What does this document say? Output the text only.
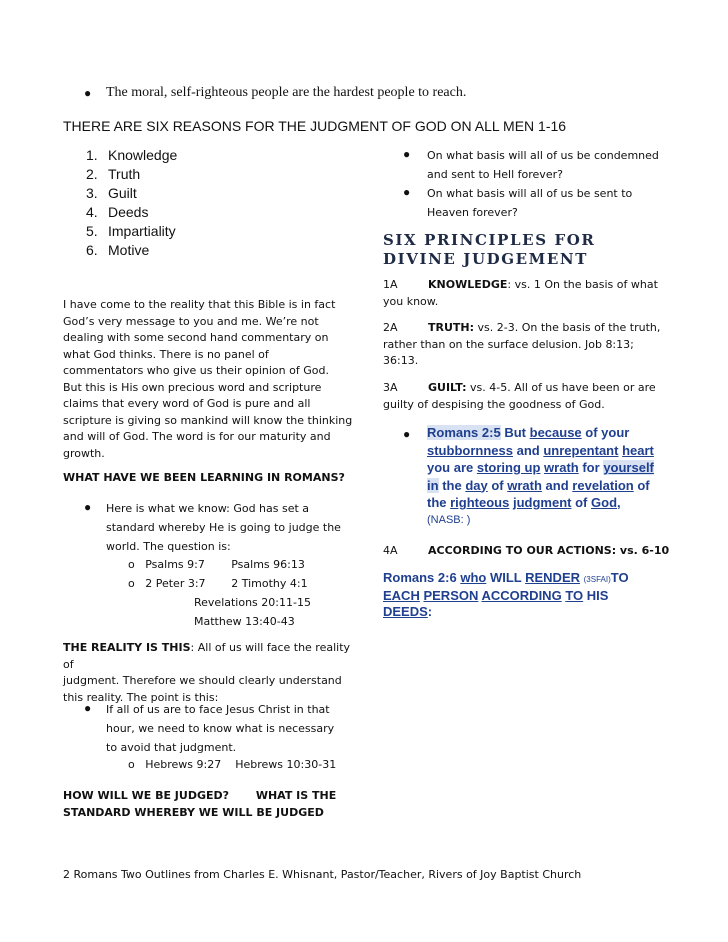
● The moral, self-righteous people are the hardest people to reach.
THERE ARE SIX REASONS FOR THE JUDGMENT OF GOD ON ALL MEN 1-16
1. Knowledge
2. Truth
3. Guilt
4. Deeds
5. Impartiality
6. Motive
I have come to the reality that this Bible is in fact
God’s very message to you and me. We’re not
dealing with some second hand commentary on
what God thinks. There is no panel of
commentators who give us their opinion of God.
But this is His own precious word and scripture
claims that every word of God is pure and all
scripture is giving so mankind will know the thinking
and will of God. The word is for our maturity and
growth.
WHAT HAVE WE BEEN LEARNING IN ROMANS?
● Here is what we know: God has set a
standard whereby He is going to judge the
world. The question is:
o Psalms 9:7 Psalms 96:13
o 2 Peter 3:7 2 Timothy 4:1
Revelations 20:11-15
Matthew 13:40-43
THE REALITY IS THIS: All of us will face the reality of
judgment. Therefore we should clearly understand
this reality. The point is this:
● If all of us are to face Jesus Christ in that
hour, we need to know what is necessary
to avoid that judgment.
o Hebrews 9:27 Hebrews 10:30-31
HOW WILL WE BE JUDGED? WHAT IS THE
STANDARD WHEREBY WE WILL BE JUDGED
● On what basis will all of us be condemned
and sent to Hell forever?
● On what basis will all of us be sent to
Heaven forever?
SIX PRINCIPLES FOR
DIVINE JUDGEMENT
1A	KNOWLEDGE: vs. 1 On the basis of what
you know.
2A	TRUTH: vs. 2-3. On the basis of the truth,
rather than on the surface delusion. Job 8:13;
36:13.
3A	GUILT: vs. 4-5. All of us have been or are
guilty of despising the goodness of God.
● Romans 2:5 But because of your
stubbornness and unrepentant heart
you are storing up wrath for yourself
in the day of wrath and revelation of
the righteous judgment of God,
(NASB: )
4A	ACCORDING TO OUR ACTIONS: vs. 6-10
Romans 2:6 who WILL RENDER (3SFAI)TO
EACH PERSON ACCORDING TO HIS
DEEDS:
2 Romans Two Outlines from Charles E. Whisnant, Pastor/Teacher, Rivers of Joy Baptist Church
